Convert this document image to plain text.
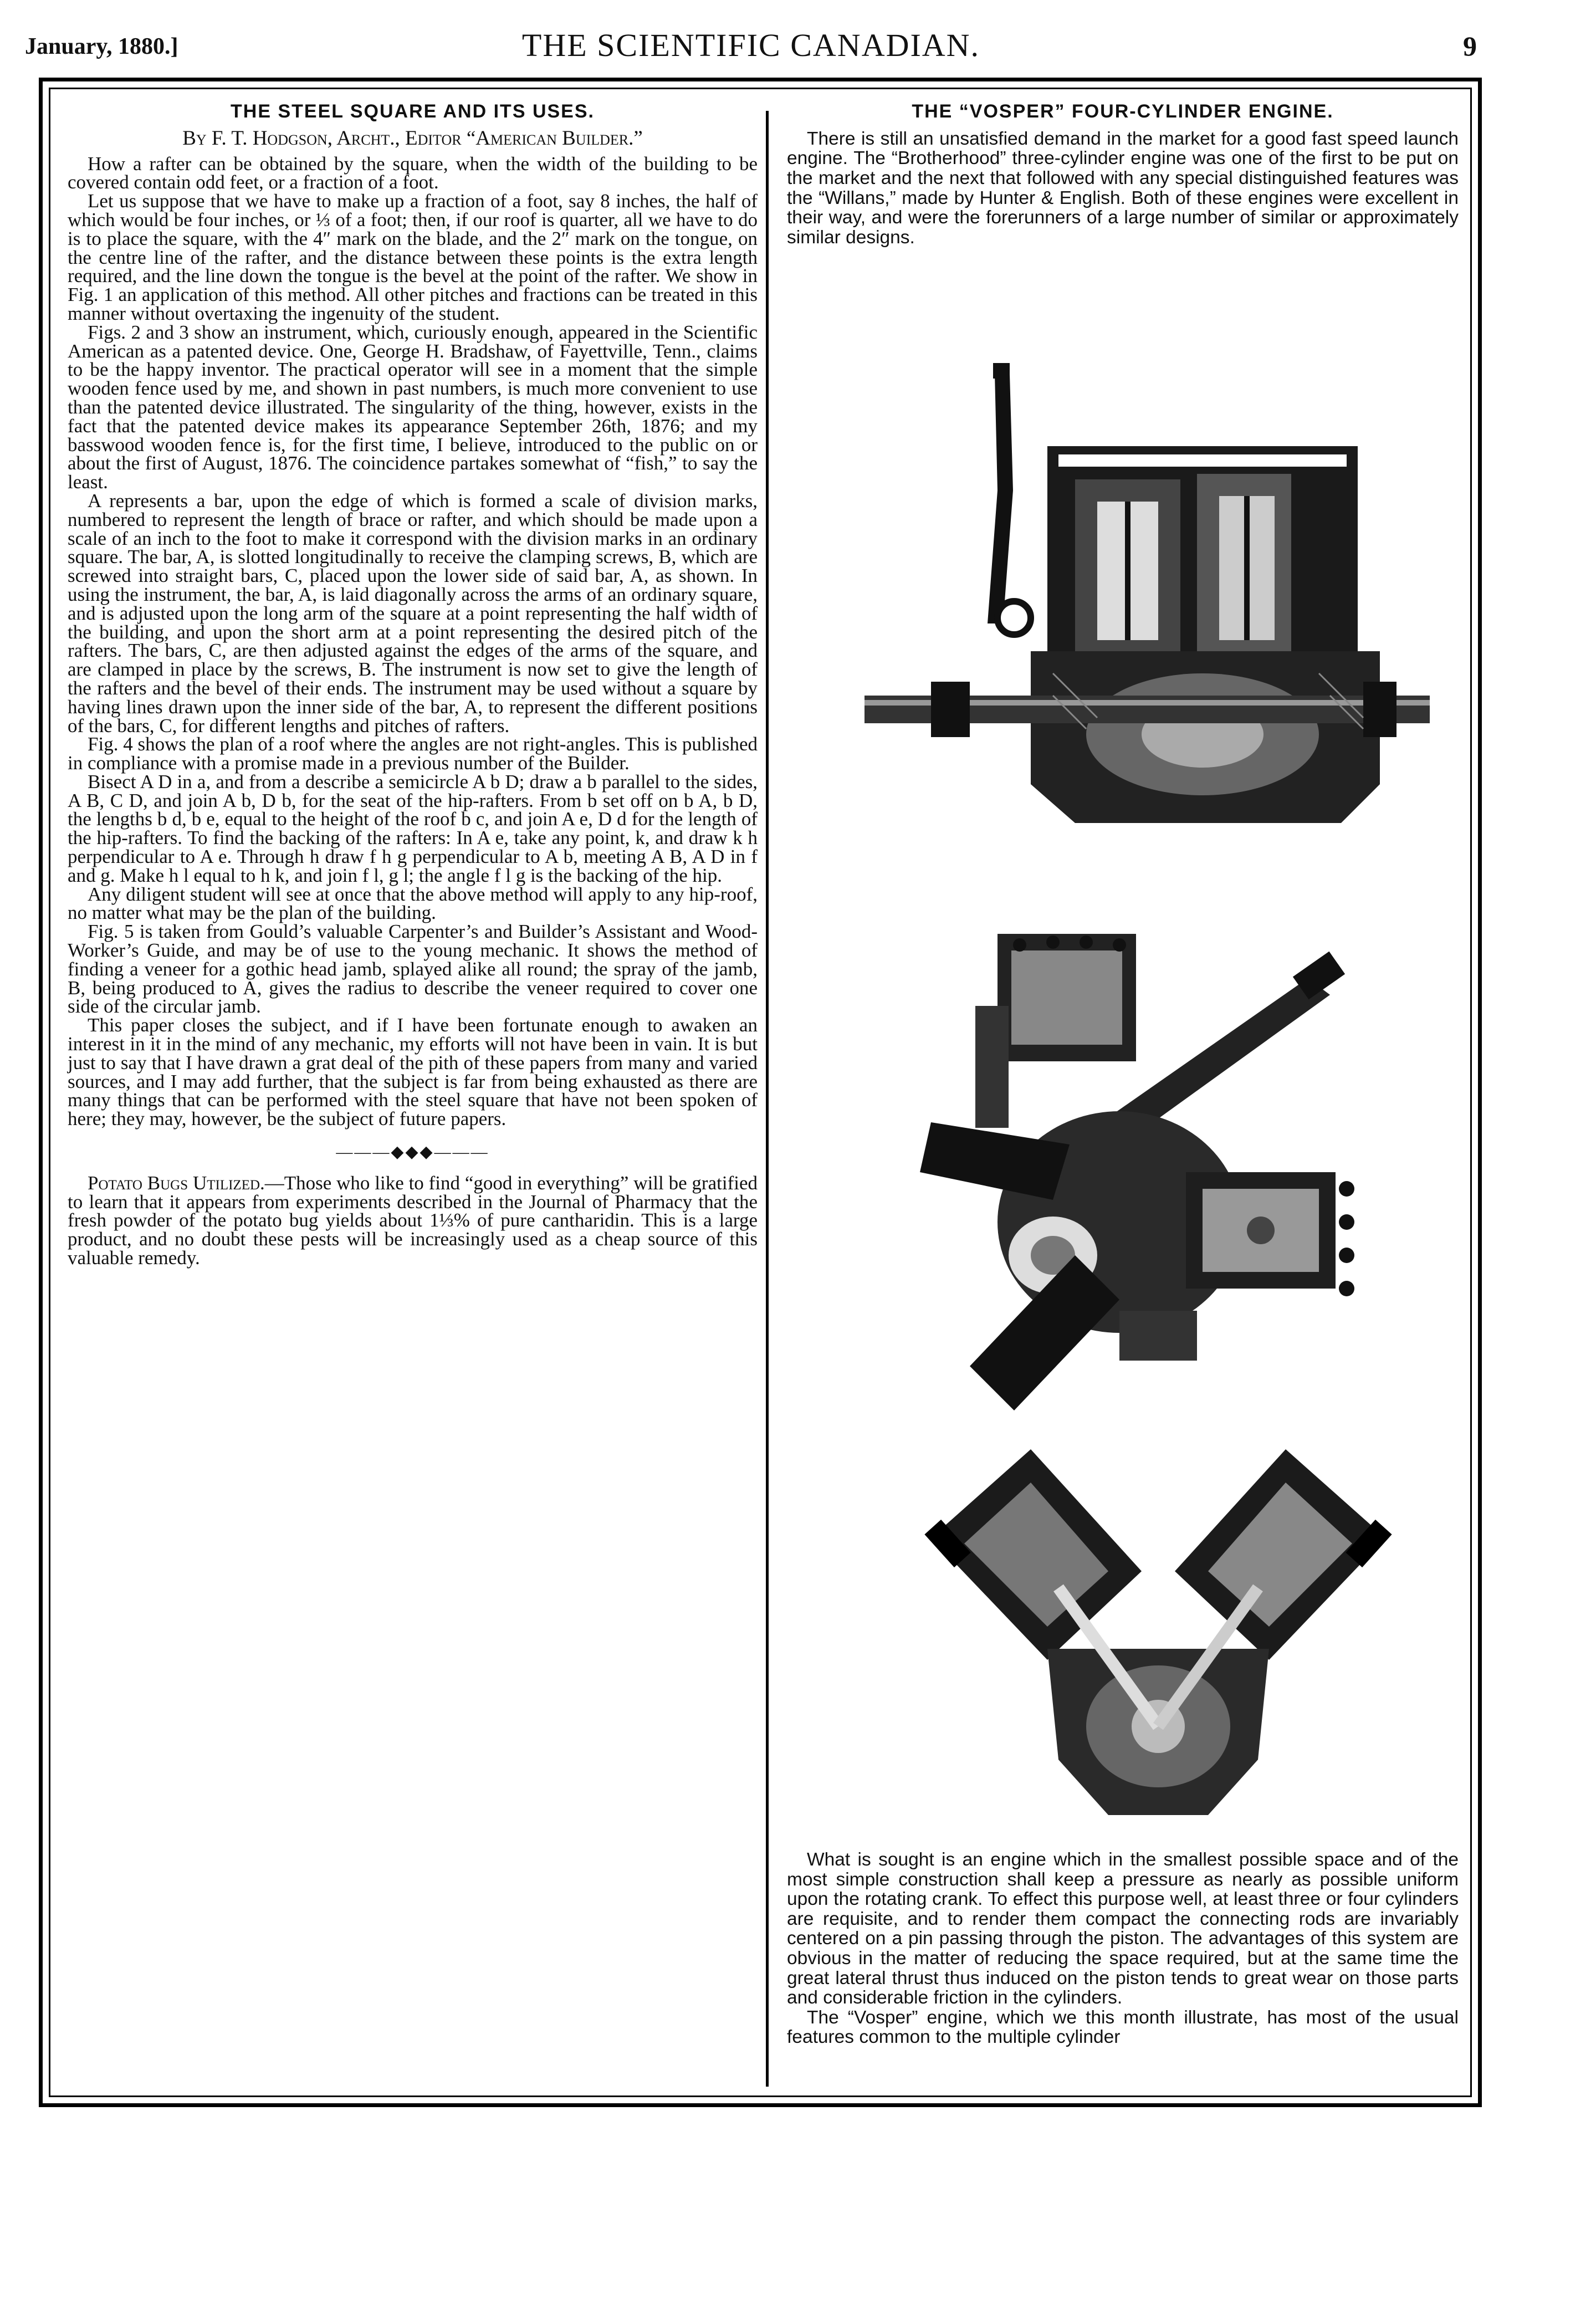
January, 1880.]	THE SCIENTIFIC CANADIAN.	9
THE STEEL SQUARE AND ITS USES.
By F. T. Hodgson, Archt., Editor “American Builder.”

How a rafter can be obtained by the square, when the width of the building to be covered contain odd feet, or a fraction of a foot.

Let us suppose that we have to make up a fraction of a foot, say 8 inches, the half of which would be four inches, or ⅓ of a foot; then, if our roof is quarter, all we have to do is to place the square, with the 4″ mark on the blade, and the 2″ mark on the tongue, on the centre line of the rafter, and the distance between these points is the extra length required, and the line down the tongue is the bevel at the point of the rafter. We show in Fig. 1 an application of this method. All other pitches and fractions can be treated in this manner without overtaxing the ingenuity of the student.

Figs. 2 and 3 show an instrument, which, curiously enough, appeared in the Scientific American as a patented device. One, George H. Bradshaw, of Fayettville, Tenn., claims to be the happy inventor. The practical operator will see in a moment that the simple wooden fence used by me, and shown in past numbers, is much more convenient to use than the patented device illustrated. The singularity of the thing, however, exists in the fact that the patented device makes its appearance September 26th, 1876; and my basswood wooden fence is, for the first time, I believe, introduced to the public on or about the first of August, 1876. The coincidence partakes somewhat of “fish,” to say the least.

A represents a bar, upon the edge of which is formed a scale of division marks, numbered to represent the length of brace or rafter, and which should be made upon a scale of an inch to the foot to make it correspond with the division marks in an ordinary square. The bar, A, is slotted longitudinally to receive the clamping screws, B, which are screwed into straight bars, C, placed upon the lower side of said bar, A, as shown. In using the instrument, the bar, A, is laid diagonally across the arms of an ordinary square, and is adjusted upon the long arm of the square at a point representing the half width of the building, and upon the short arm at a point representing the desired pitch of the rafters. The bars, C, are then adjusted against the edges of the arms of the square, and are clamped in place by the screws, B. The instrument is now set to give the length of the rafters and the bevel of their ends. The instrument may be used without a square by having lines drawn upon the inner side of the bar, A, to represent the different positions of the bars, C, for different lengths and pitches of rafters.

Fig. 4 shows the plan of a roof where the angles are not right-angles. This is published in compliance with a promise made in a previous number of the Builder.

Bisect A D in a, and from a describe a semicircle A b D; draw a b parallel to the sides, A B, C D, and join A b, D b, for the seat of the hip-rafters. From b set off on b A, b D, the lengths b d, b e, equal to the height of the roof b c, and join A e, D d for the length of the hip-rafters. To find the backing of the rafters: In A e, take any point, k, and draw k h perpendicular to A e. Through h draw f h g perpendicular to A b, meeting A B, A D in f and g. Make h l equal to h k, and join f l, g l; the angle f l g is the backing of the hip.

Any diligent student will see at once that the above method will apply to any hip-roof, no matter what may be the plan of the building.

Fig. 5 is taken from Gould’s valuable Carpenter’s and Builder’s Assistant and Wood-Worker’s Guide, and may be of use to the young mechanic. It shows the method of finding a veneer for a gothic head jamb, splayed alike all round; the spray of the jamb, B, being produced to A, gives the radius to describe the veneer required to cover one side of the circular jamb.

This paper closes the subject, and if I have been fortunate enough to awaken an interest in it in the mind of any mechanic, my efforts will not have been in vain. It is but just to say that I have drawn a grat deal of the pith of these papers from many and varied sources, and I may add further, that the subject is far from being exhausted as there are many things that can be performed with the steel square that have not been spoken of here; they may, however, be the subject of future papers.

———◆◆◆———

Potato Bugs Utilized.—Those who like to find “good in everything” will be gratified to learn that it appears from experiments described in the Journal of Pharmacy that the fresh powder of the potato bug yields about 1⅓% of pure cantharidin. This is a large product, and no doubt these pests will be increasingly used as a cheap source of this valuable remedy.

THE “VOSPER” FOUR-CYLINDER ENGINE.

There is still an unsatisfied demand in the market for a good fast speed launch engine. The “Brotherhood” three-cylinder engine was one of the first to be put on the market and the next that followed with any special distinguished features was the “Willans,” made by Hunter & English. Both of these engines were excellent in their way, and were the forerunners of a large number of similar or approximately similar designs.

What is sought is an engine which in the smallest possible space and of the most simple construction shall keep a pressure as nearly as possible uniform upon the rotating crank. To effect this purpose well, at least three or four cylinders are requisite, and to render them compact the connecting rods are invariably centered on a pin passing through the piston. The advantages of this system are obvious in the matter of reducing the space required, but at the same time the great lateral thrust thus induced on the piston tends to great wear on those parts and considerable friction in the cylinders.

The “Vosper” engine, which we this month illustrate, has most of the usual features common to the multiple cylinder
